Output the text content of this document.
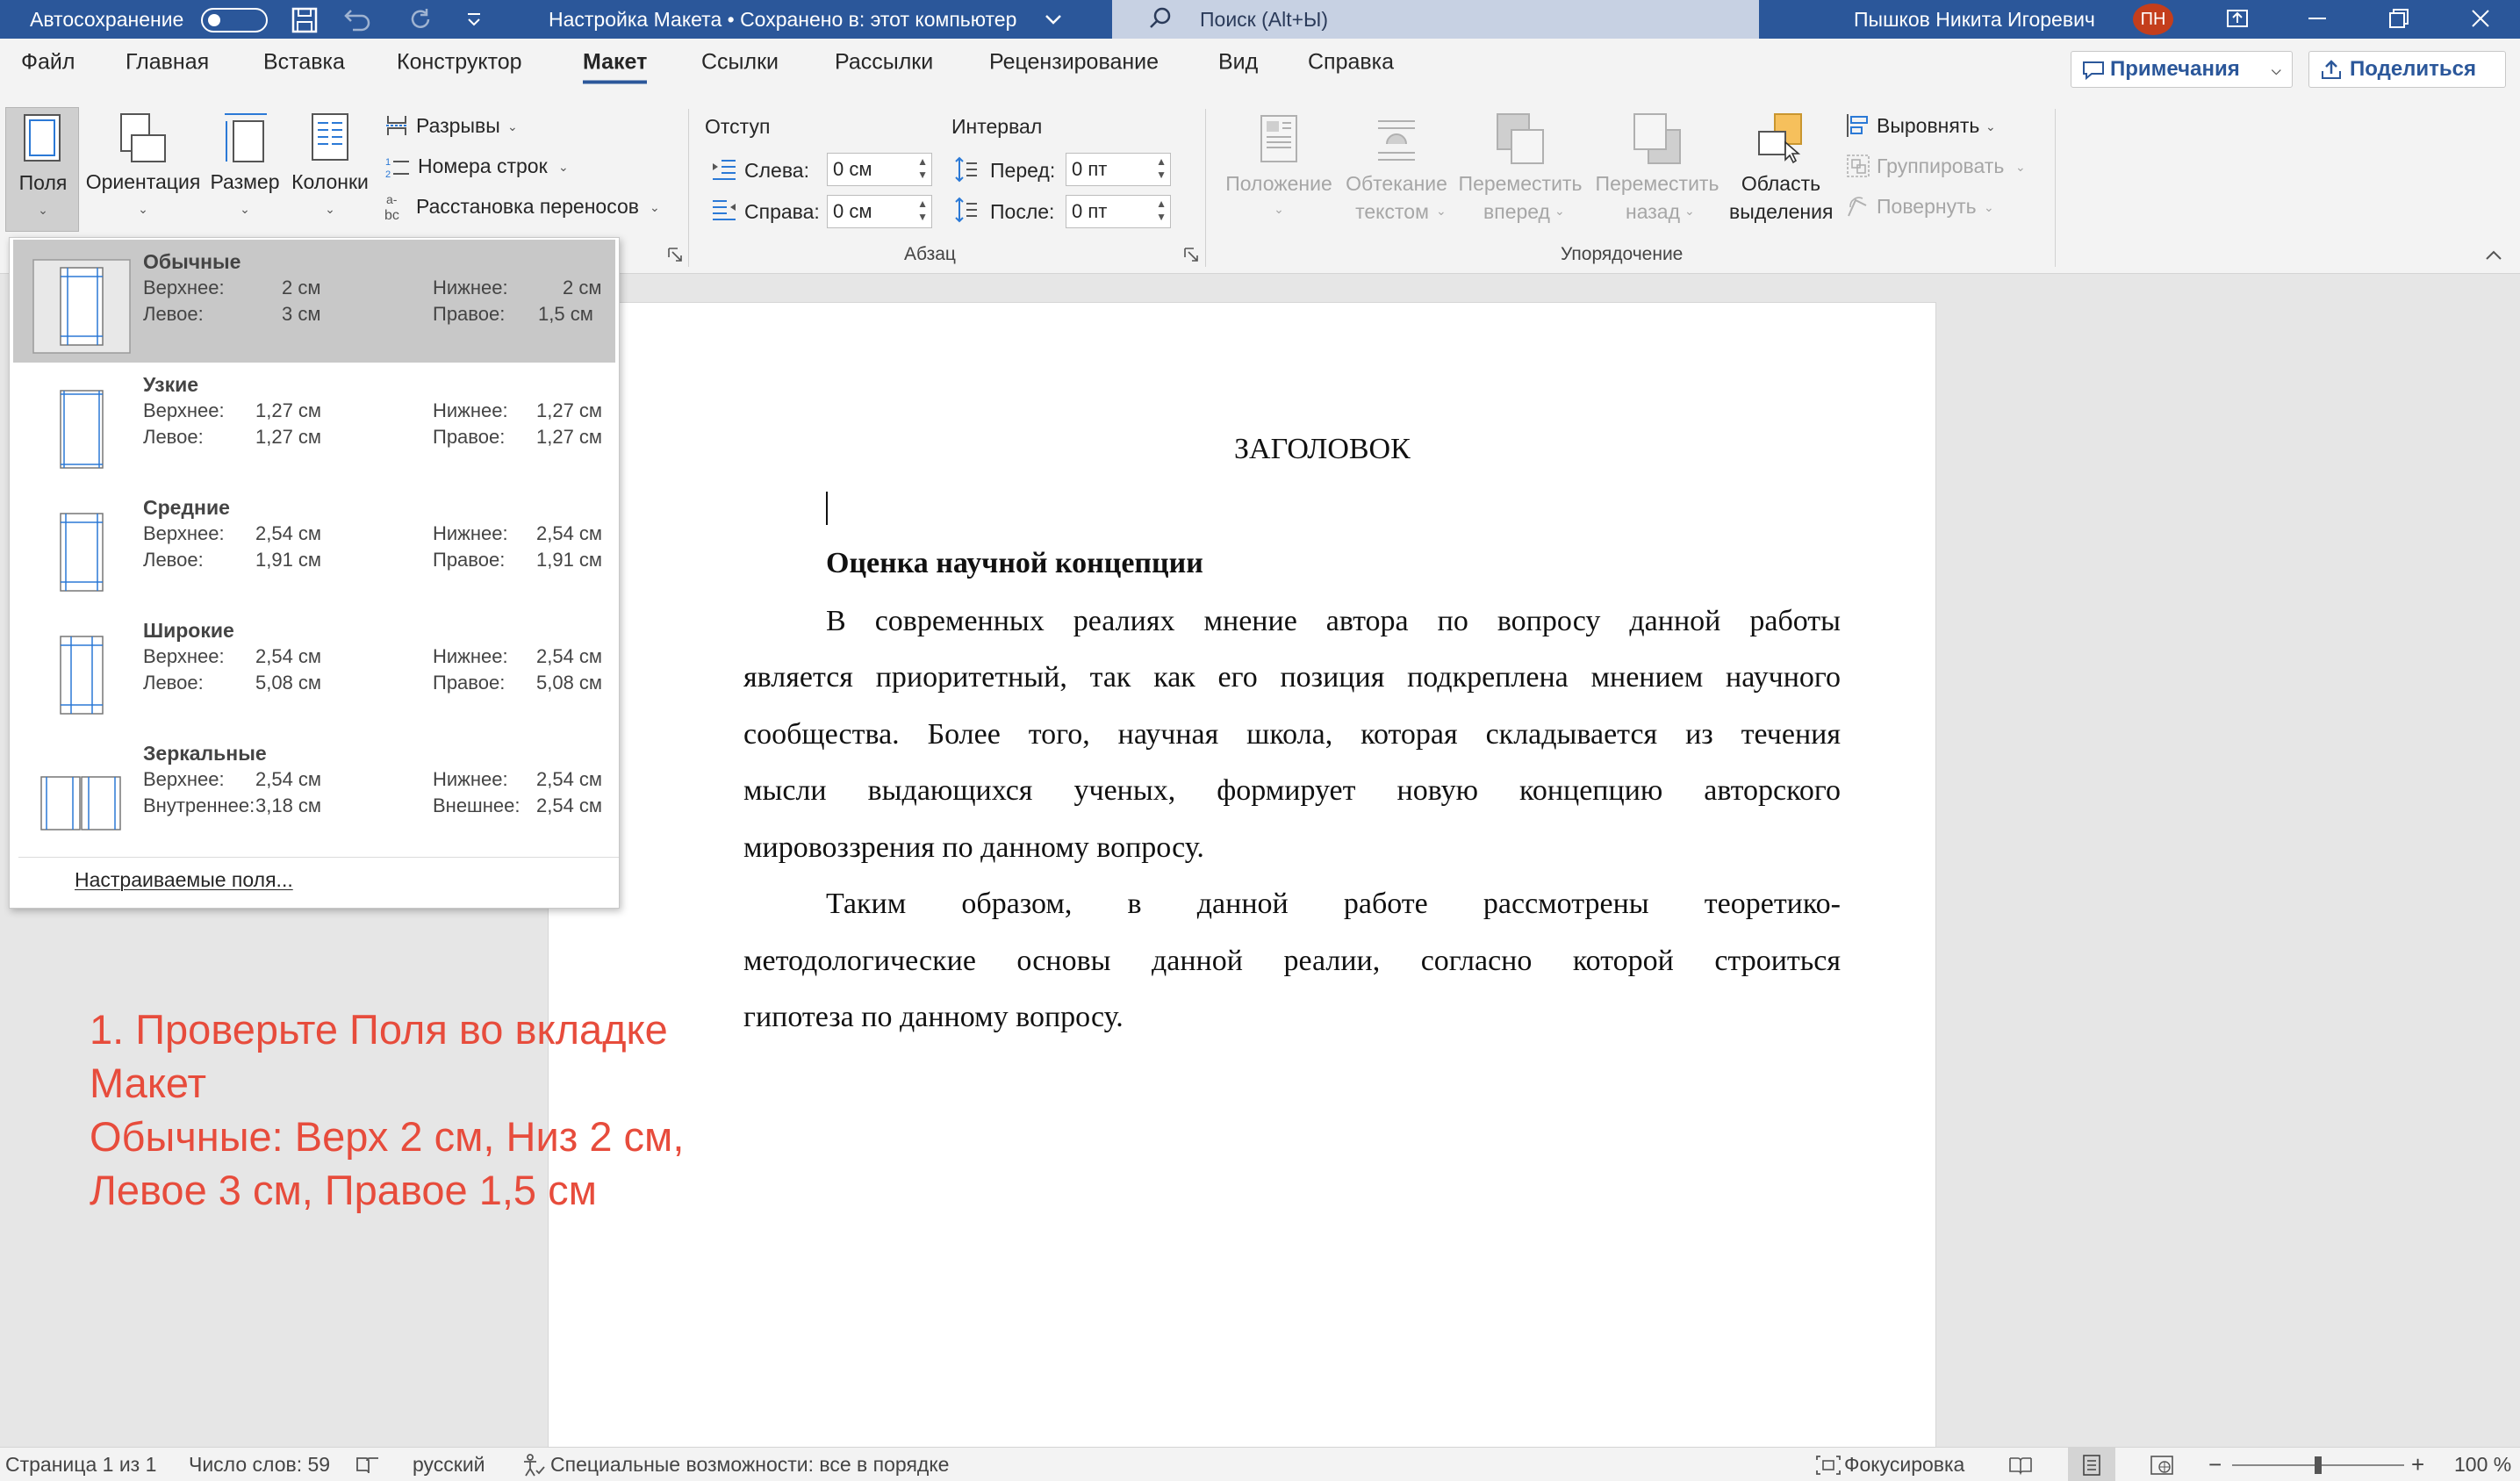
Автосохранение	Настройка Макета • Сохранено в: этот компьютер	Поиск (Alt+Ы)	Пышков Никита Игоревич	ПН
Файл Главная Вставка Конструктор	Макет Ссылки	Рассылки	Рецензирование	Вид Справка	Примечания	⌵	Поделиться
Поля
⌄
Ориентация
⌄
Размер
⌄
Колонки
⌄
Разрывы ⌄
1
2 Номера строк ⌄
a-
bc Расстановка переносов ⌄
Отступ	Интервал
Слева:	0 см	▲
▼
Справа: 0 см	▲
▼
Перед: 0 пт	▲
▼
После: 0 пт	▲
▼
Абзац
Положение
⌄
Обтекание
текстом ⌄
Переместить
вперед ⌄
Переместить
назад ⌄
Область
выделения
Выровнять ⌄
Группировать ⌄
Повернуть ⌄
Упорядочение
ЗАГОЛОВОК
Оценка научной концепции
В современных реалиях мнение автора по вопросу данной работы
является приоритетный, так как его позиция подкреплена мнением научного
сообщества. Более того, научная школа, которая складывается из течения
мысли выдающихся ученых, формирует новую концепцию авторского
мировоззрения по данному вопросу.
Таким образом, в данной работе рассмотрены теоретико-
методологические основы данной реалии, согласно которой строиться
гипотеза по данному вопросу.
Обычные
Верхнее:	2 см	Нижнее:	2 см
Левое:	3 см	Правое: 1,5 см
Узкие
Верхнее: 1,27 см	Нижнее: 1,27 см
Левое:	1,27 см	Правое: 1,27 см
Средние
Верхнее: 2,54 см	Нижнее: 2,54 см
Левое:	1,91 см	Правое: 1,91 см
Широкие
Верхнее: 2,54 см	Нижнее: 2,54 см
Левое:	5,08 см	Правое: 5,08 см
Зеркальные
Верхнее: 2,54 см	Нижнее: 2,54 см
Внутреннее: 3,18 см	Внешнее: 2,54 см
Настраиваемые поля...
1. Проверьте Поля во вкладке
Макет
Обычные: Верх 2 см, Низ 2 см,
Левое 3 см, Правое 1,5 см
Страница 1 из 1 Число слов: 59	русский	Специальные возможности: все в порядке	Фокусировка	−	+ 100 %
